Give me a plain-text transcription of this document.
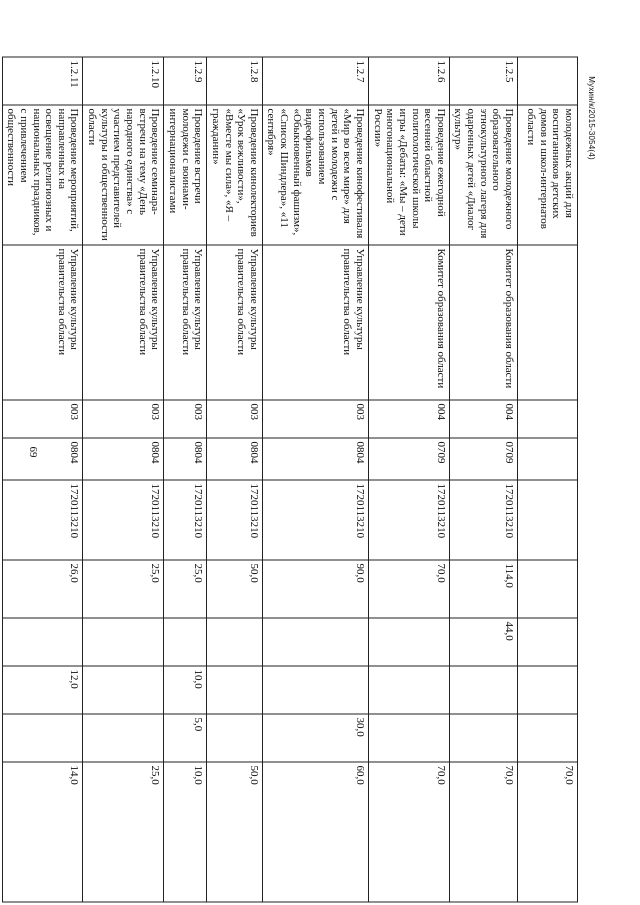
69
Мухин/к/2015-3054(4)
	молодежных акций для воспитанников детских домов и школ-интернатов области									70,0
1.2.5	Проведение молодежного образовательного этнокультурного лагеря для одаренных детей «Диалог культур»	Комитет образования области	004	0709	1720113210	114,0	44,0			70,0
1.2.6	Проведение ежегодной весенней областной политологической школы игры «Дебаты: «Мы – дети многонациональной России»	Комитет образования области	004	0709	1720113210	70,0				70,0
1.2.7	Проведение кинофестиваля «Мир во всем мире» для детей и молодежи с использованием видеофильмов «Обыкновенный фашизм», «Список Шиндлера», «11 сентября»	Управление культуры правительства области	003	0804	1720113210	90,0			30,0	60,0
1.2.8	Проведение кинолекториев «Урок вежливости», «Вместе мы сила», «Я – гражданин»	Управление культуры правительства области	003	0804	1720113210	50,0				50,0
1.2.9	Проведение встречи молодежи с воинами-интернационалистами	Управление культуры правительства области	003	0804	1720113210	25,0		10,0	5,0	10,0
1.2.10	Проведение семинара-встречи на тему «День народного единства» с участием представителей культуры и общественности области	Управление культуры правительства области	003	0804	1720113210	25,0				25,0
1.2.11	Проведение мероприятий, направленных на освещение религиозных и национальных праздников, с привлечением общественности	Управление культуры правительства области	003	0804	1720113210	26,0		12,0		14,0
